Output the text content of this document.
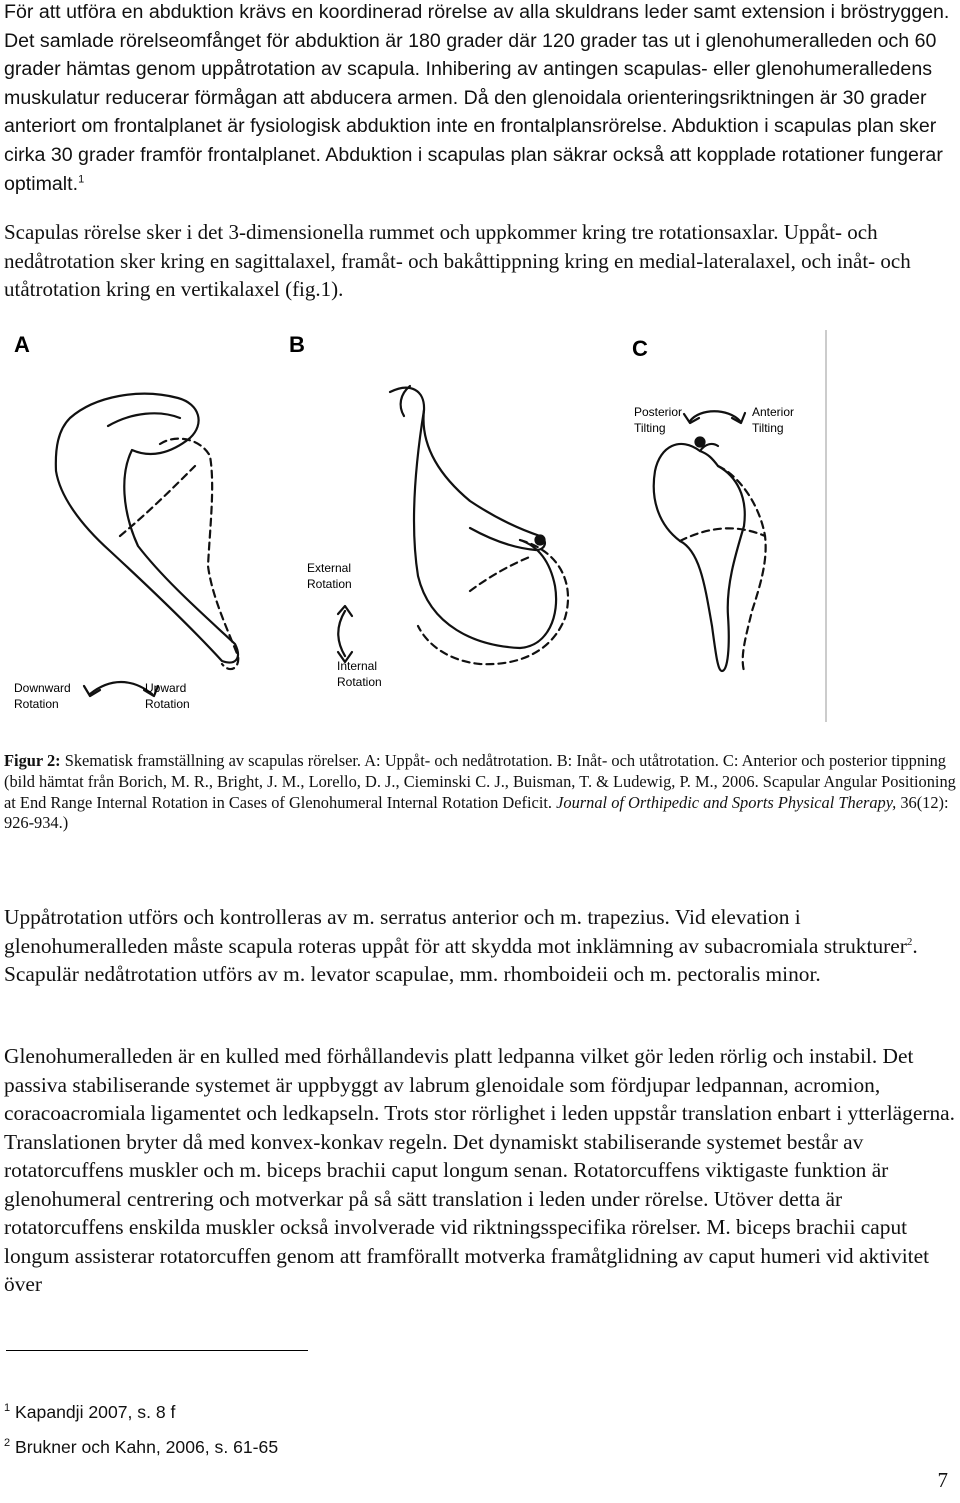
För att utföra en abduktion krävs en koordinerad rörelse av alla skuldrans leder samt extension i bröstryggen. Det samlade rörelseomfånget för abduktion är 180 grader där 120 grader tas ut i glenohumeralleden och 60 grader hämtas genom uppåtrotation av scapula. Inhibering av antingen scapulas- eller glenohumeralledens muskulatur reducerar förmågan att abducera armen. Då den glenoidala orienteringsriktningen är 30 grader anteriort om frontalplanet är fysiologisk abduktion inte en frontalplansrörelse. Abduktion i scapulas plan sker cirka 30 grader framför frontalplanet. Abduktion i scapulas plan säkrar också att kopplade rotationer fungerar optimalt.$^1$

Scapulas rörelse sker i det 3-dimensionella rummet och uppkommer kring tre rotationsaxlar. Uppåt- och nedåtrotation sker kring en sagittalaxel, framåt- och bakåttippning kring en medial-lateralaxel, och inåt- och utåtrotation kring en vertikalaxel (fig.1).

A	B	C
Downward
Rotation
Upward
Rotation
External
Rotation
Internal
Rotation
Posterior
Tilting
Anterior
Tilting

Figur 2: Skematisk framställning av scapulas rörelser. A: Uppåt- och nedåtrotation. B: Inåt- och utåtrotation. C: Anterior och posterior tippning (bild hämtat från Borich, M. R., Bright, J. M., Lorello, D. J., Cieminski C. J., Buisman, T. & Ludewig, P. M., 2006. Scapular Angular Positioning at End Range Internal Rotation in Cases of Glenohumeral Internal Rotation Deficit. Journal of Orthipedic and Sports Physical Therapy, 36(12): 926-934.)

Uppåtrotation utförs och kontrolleras av m. serratus anterior och m. trapezius. Vid elevation i glenohumeralleden måste scapula roteras uppåt för att skydda mot inklämning av subacromiala strukturer$^2$. Scapulär nedåtrotation utförs av m. levator scapulae, mm. rhomboideii och m. pectoralis minor.

Glenohumeralleden är en kulled med förhållandevis platt ledpanna vilket gör leden rörlig och instabil. Det passiva stabiliserande systemet är uppbyggt av labrum glenoidale som fördjupar ledpannan, acromion, coracoacromiala ligamentet och ledkapseln. Trots stor rörlighet i leden uppstår translation enbart i ytterlägerna. Translationen bryter då med konvex-konkav regeln. Det dynamiskt stabiliserande systemet består av rotatorcuffens muskler och m. biceps brachii caput longum senan. Rotatorcuffens viktigaste funktion är glenohumeral centrering och motverkar på så sätt translation i leden under rörelse. Utöver detta är rotatorcuffens enskilda muskler också involverade vid riktningsspecifika rörelser. M. biceps brachii caput longum assisterar rotatorcuffen genom att framförallt motverka framåtglidning av caput humeri vid aktivitet över

$^1$ Kapandji 2007, s. 8 f
$^2$ Brukner och Kahn, 2006, s. 61-65
7
